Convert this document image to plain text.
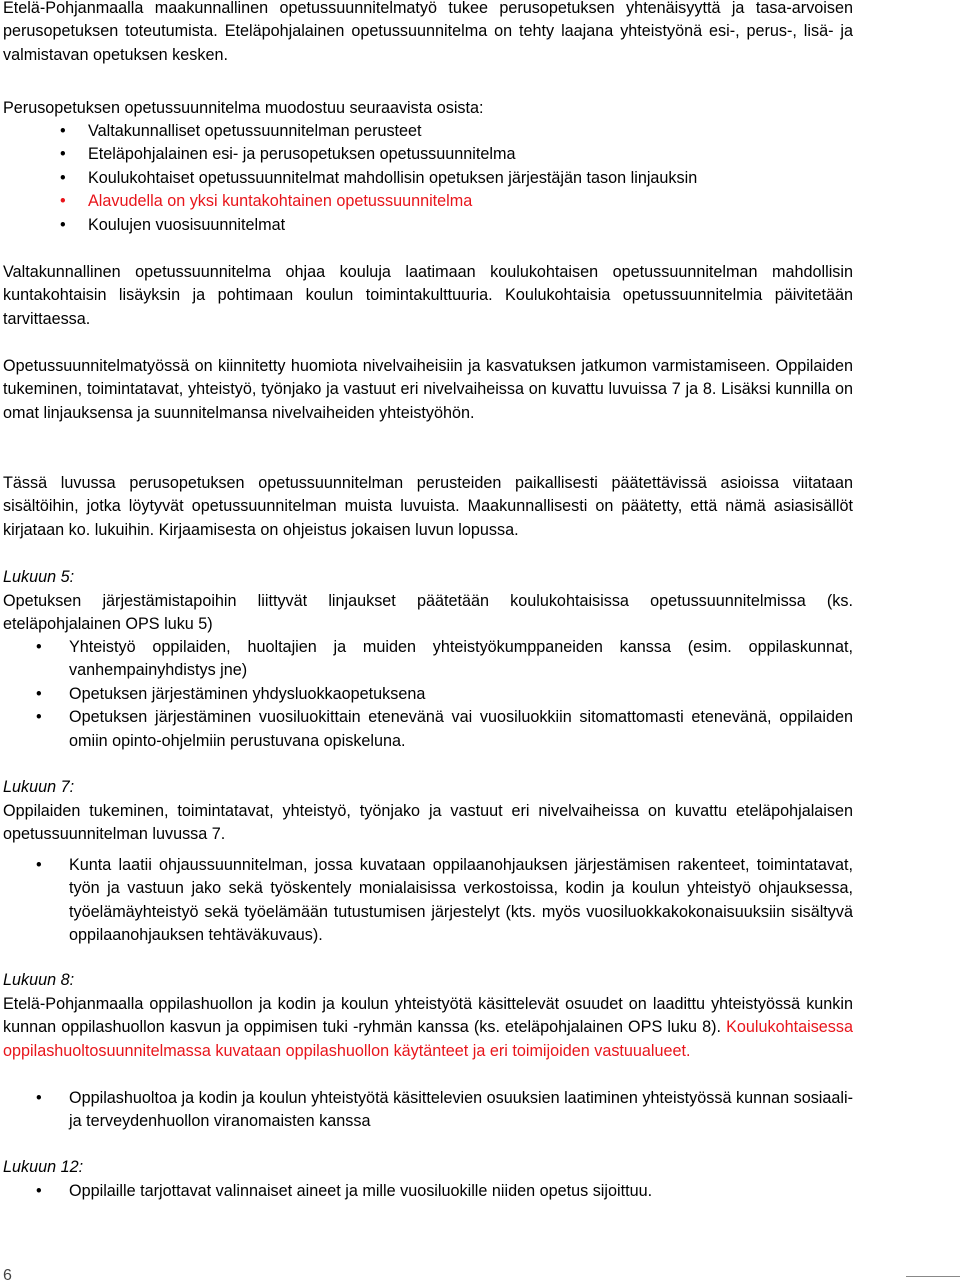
Etelä-Pohjanmaalla maakunnallinen opetussuunnitelmatyö tukee perusopetuksen yhtenäisyyttä ja tasa-arvoisen perusopetuksen toteutumista. Eteläpohjalainen opetussuunnitelma on tehty laajana yhteistyönä esi-, perus-, lisä- ja valmistavan opetuksen kesken.
Perusopetuksen opetussuunnitelma muodostuu seuraavista osista:
• Valtakunnalliset opetussuunnitelman perusteet
• Eteläpohjalainen esi- ja perusopetuksen opetussuunnitelma
• Koulukohtaiset opetussuunnitelmat mahdollisin opetuksen järjestäjän tason linjauksin
• Alavudella on yksi kuntakohtainen opetussuunnitelma
• Koulujen vuosisuunnitelmat
Valtakunnallinen opetussuunnitelma ohjaa kouluja laatimaan koulukohtaisen opetussuunnitelman mahdollisin kuntakohtaisin lisäyksin ja pohtimaan koulun toimintakulttuuria. Koulukohtaisia opetussuunnitelmia päivitetään tarvittaessa.
Opetussuunnitelmatyössä on kiinnitetty huomiota nivelvaiheisiin ja kasvatuksen jatkumon varmistamiseen. Oppilaiden tukeminen, toimintatavat, yhteistyö, työnjako ja vastuut eri nivelvaiheissa on kuvattu luvuissa 7 ja 8. Lisäksi kunnilla on omat linjauksensa ja suunnitelmansa nivelvaiheiden yhteistyöhön.
Tässä luvussa perusopetuksen opetussuunnitelman perusteiden paikallisesti päätettävissä asioissa viitataan sisältöihin, jotka löytyvät opetussuunnitelman muista luvuista. Maakunnallisesti on päätetty, että nämä asiasisällöt kirjataan ko. lukuihin. Kirjaamisesta on ohjeistus jokaisen luvun lopussa.
Lukuun 5:
Opetuksen järjestämistapoihin liittyvät linjaukset päätetään koulukohtaisissa opetussuunnitelmissa (ks. eteläpohjalainen OPS luku 5)
• Yhteistyö oppilaiden, huoltajien ja muiden yhteistyökumppaneiden kanssa (esim. oppilaskunnat, vanhempainyhdistys jne)
• Opetuksen järjestäminen yhdysluokkaopetuksena
• Opetuksen järjestäminen vuosiluokittain etenevänä vai vuosiluokkiin sitomattomasti etenevänä, oppilaiden omiin opinto-ohjelmiin perustuvana opiskeluna.
Lukuun 7:
Oppilaiden tukeminen, toimintatavat, yhteistyö, työnjako ja vastuut eri nivelvaiheissa on kuvattu eteläpohjalaisen opetussuunnitelman luvussa 7.
• Kunta laatii ohjaussuunnitelman, jossa kuvataan oppilaanohjauksen järjestämisen rakenteet, toimintatavat, työn ja vastuun jako sekä työskentely monialaisissa verkostoissa, kodin ja koulun yhteistyö ohjauksessa, työelämäyhteistyö sekä työelämään tutustumisen järjestelyt (kts. myös vuosiluokkakokonaisuuksiin sisältyvä oppilaanohjauksen tehtäväkuvaus).
Lukuun 8:
Etelä-Pohjanmaalla oppilashuollon ja kodin ja koulun yhteistyötä käsittelevät osuudet on laadittu yhteistyössä kunkin kunnan oppilashuollon kasvun ja oppimisen tuki -ryhmän kanssa (ks. eteläpohjalainen OPS luku 8). Koulukohtaisessa oppilashuoltosuunnitelmassa kuvataan oppilashuollon käytänteet ja eri toimijoiden vastuualueet.
• Oppilashuoltoa ja kodin ja koulun yhteistyötä käsittelevien osuuksien laatiminen yhteistyössä kunnan sosiaali- ja terveydenhuollon viranomaisten kanssa
Lukuun 12:
• Oppilaille tarjottavat valinnaiset aineet ja mille vuosiluokille niiden opetus sijoittuu.
6
